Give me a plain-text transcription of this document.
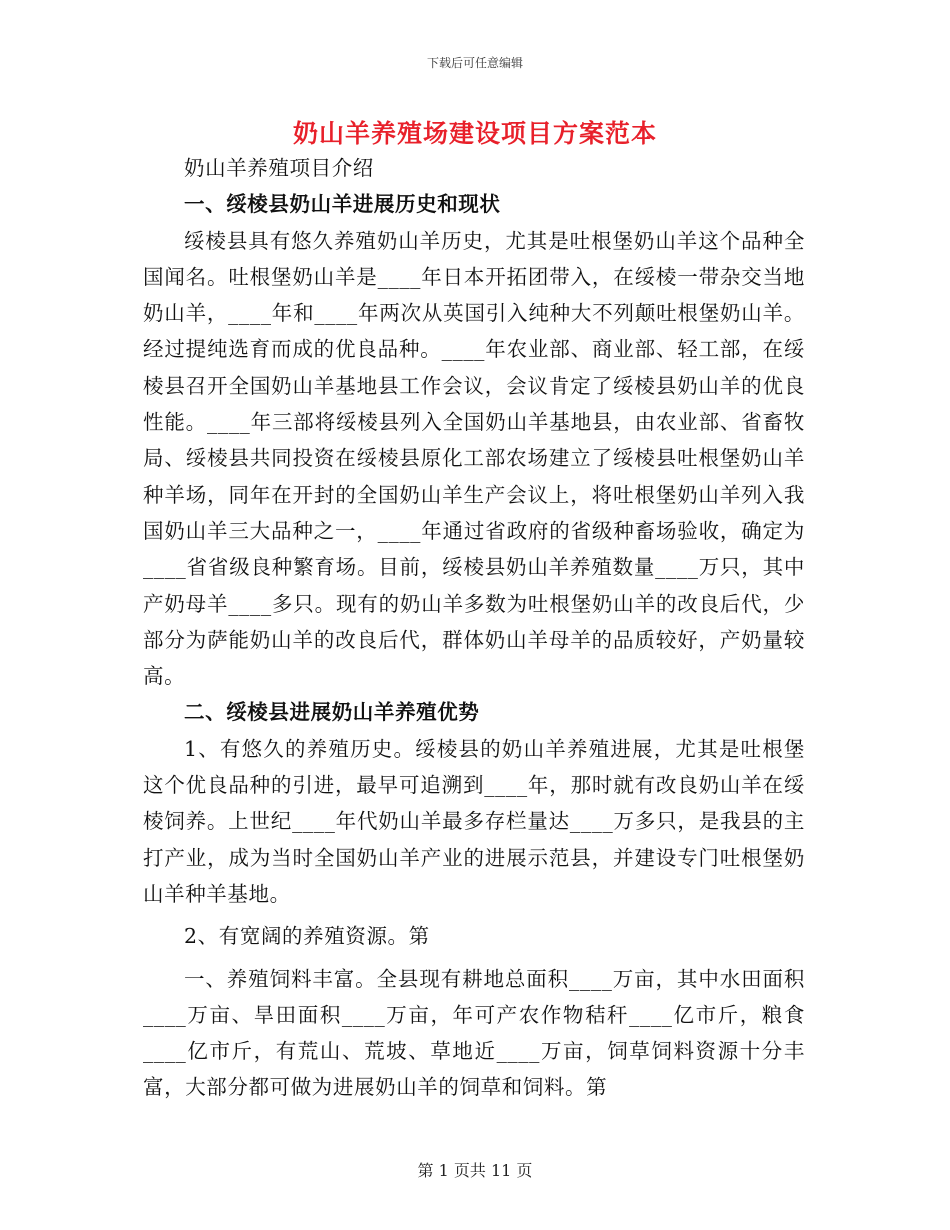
下载后可任意编辑
奶山羊养殖场建设项目方案范本

奶山羊养殖项目介绍

一、绥棱县奶山羊进展历史和现状

绥棱县具有悠久养殖奶山羊历史，尤其是吐根堡奶山羊这个品种全国闻名。吐根堡奶山羊是____年日本开拓团带入，在绥棱一带杂交当地奶山羊，____年和____年两次从英国引入纯种大不列颠吐根堡奶山羊。经过提纯选育而成的优良品种。____年农业部、商业部、轻工部，在绥棱县召开全国奶山羊基地县工作会议，会议肯定了绥棱县奶山羊的优良性能。____年三部将绥棱县列入全国奶山羊基地县，由农业部、省畜牧局、绥棱县共同投资在绥棱县原化工部农场建立了绥棱县吐根堡奶山羊种羊场，同年在开封的全国奶山羊生产会议上，将吐根堡奶山羊列入我国奶山羊三大品种之一，____年通过省政府的省级种畜场验收，确定为____省省级良种繁育场。目前，绥棱县奶山羊养殖数量____万只，其中产奶母羊____多只。现有的奶山羊多数为吐根堡奶山羊的改良后代，少部分为萨能奶山羊的改良后代，群体奶山羊母羊的品质较好，产奶量较高。

二、绥棱县进展奶山羊养殖优势

1、有悠久的养殖历史。绥棱县的奶山羊养殖进展，尤其是吐根堡这个优良品种的引进，最早可追溯到____年，那时就有改良奶山羊在绥棱饲养。上世纪____年代奶山羊最多存栏量达____万多只，是我县的主打产业，成为当时全国奶山羊产业的进展示范县，并建设专门吐根堡奶山羊种羊基地。

2、有宽阔的养殖资源。第

一、养殖饲料丰富。全县现有耕地总面积____万亩，其中水田面积____万亩、旱田面积____万亩，年可产农作物秸秆____亿市斤，粮食____亿市斤，有荒山、荒坡、草地近____万亩，饲草饲料资源十分丰富，大部分都可做为进展奶山羊的饲草和饲料。第

第 1 页共 11 页
